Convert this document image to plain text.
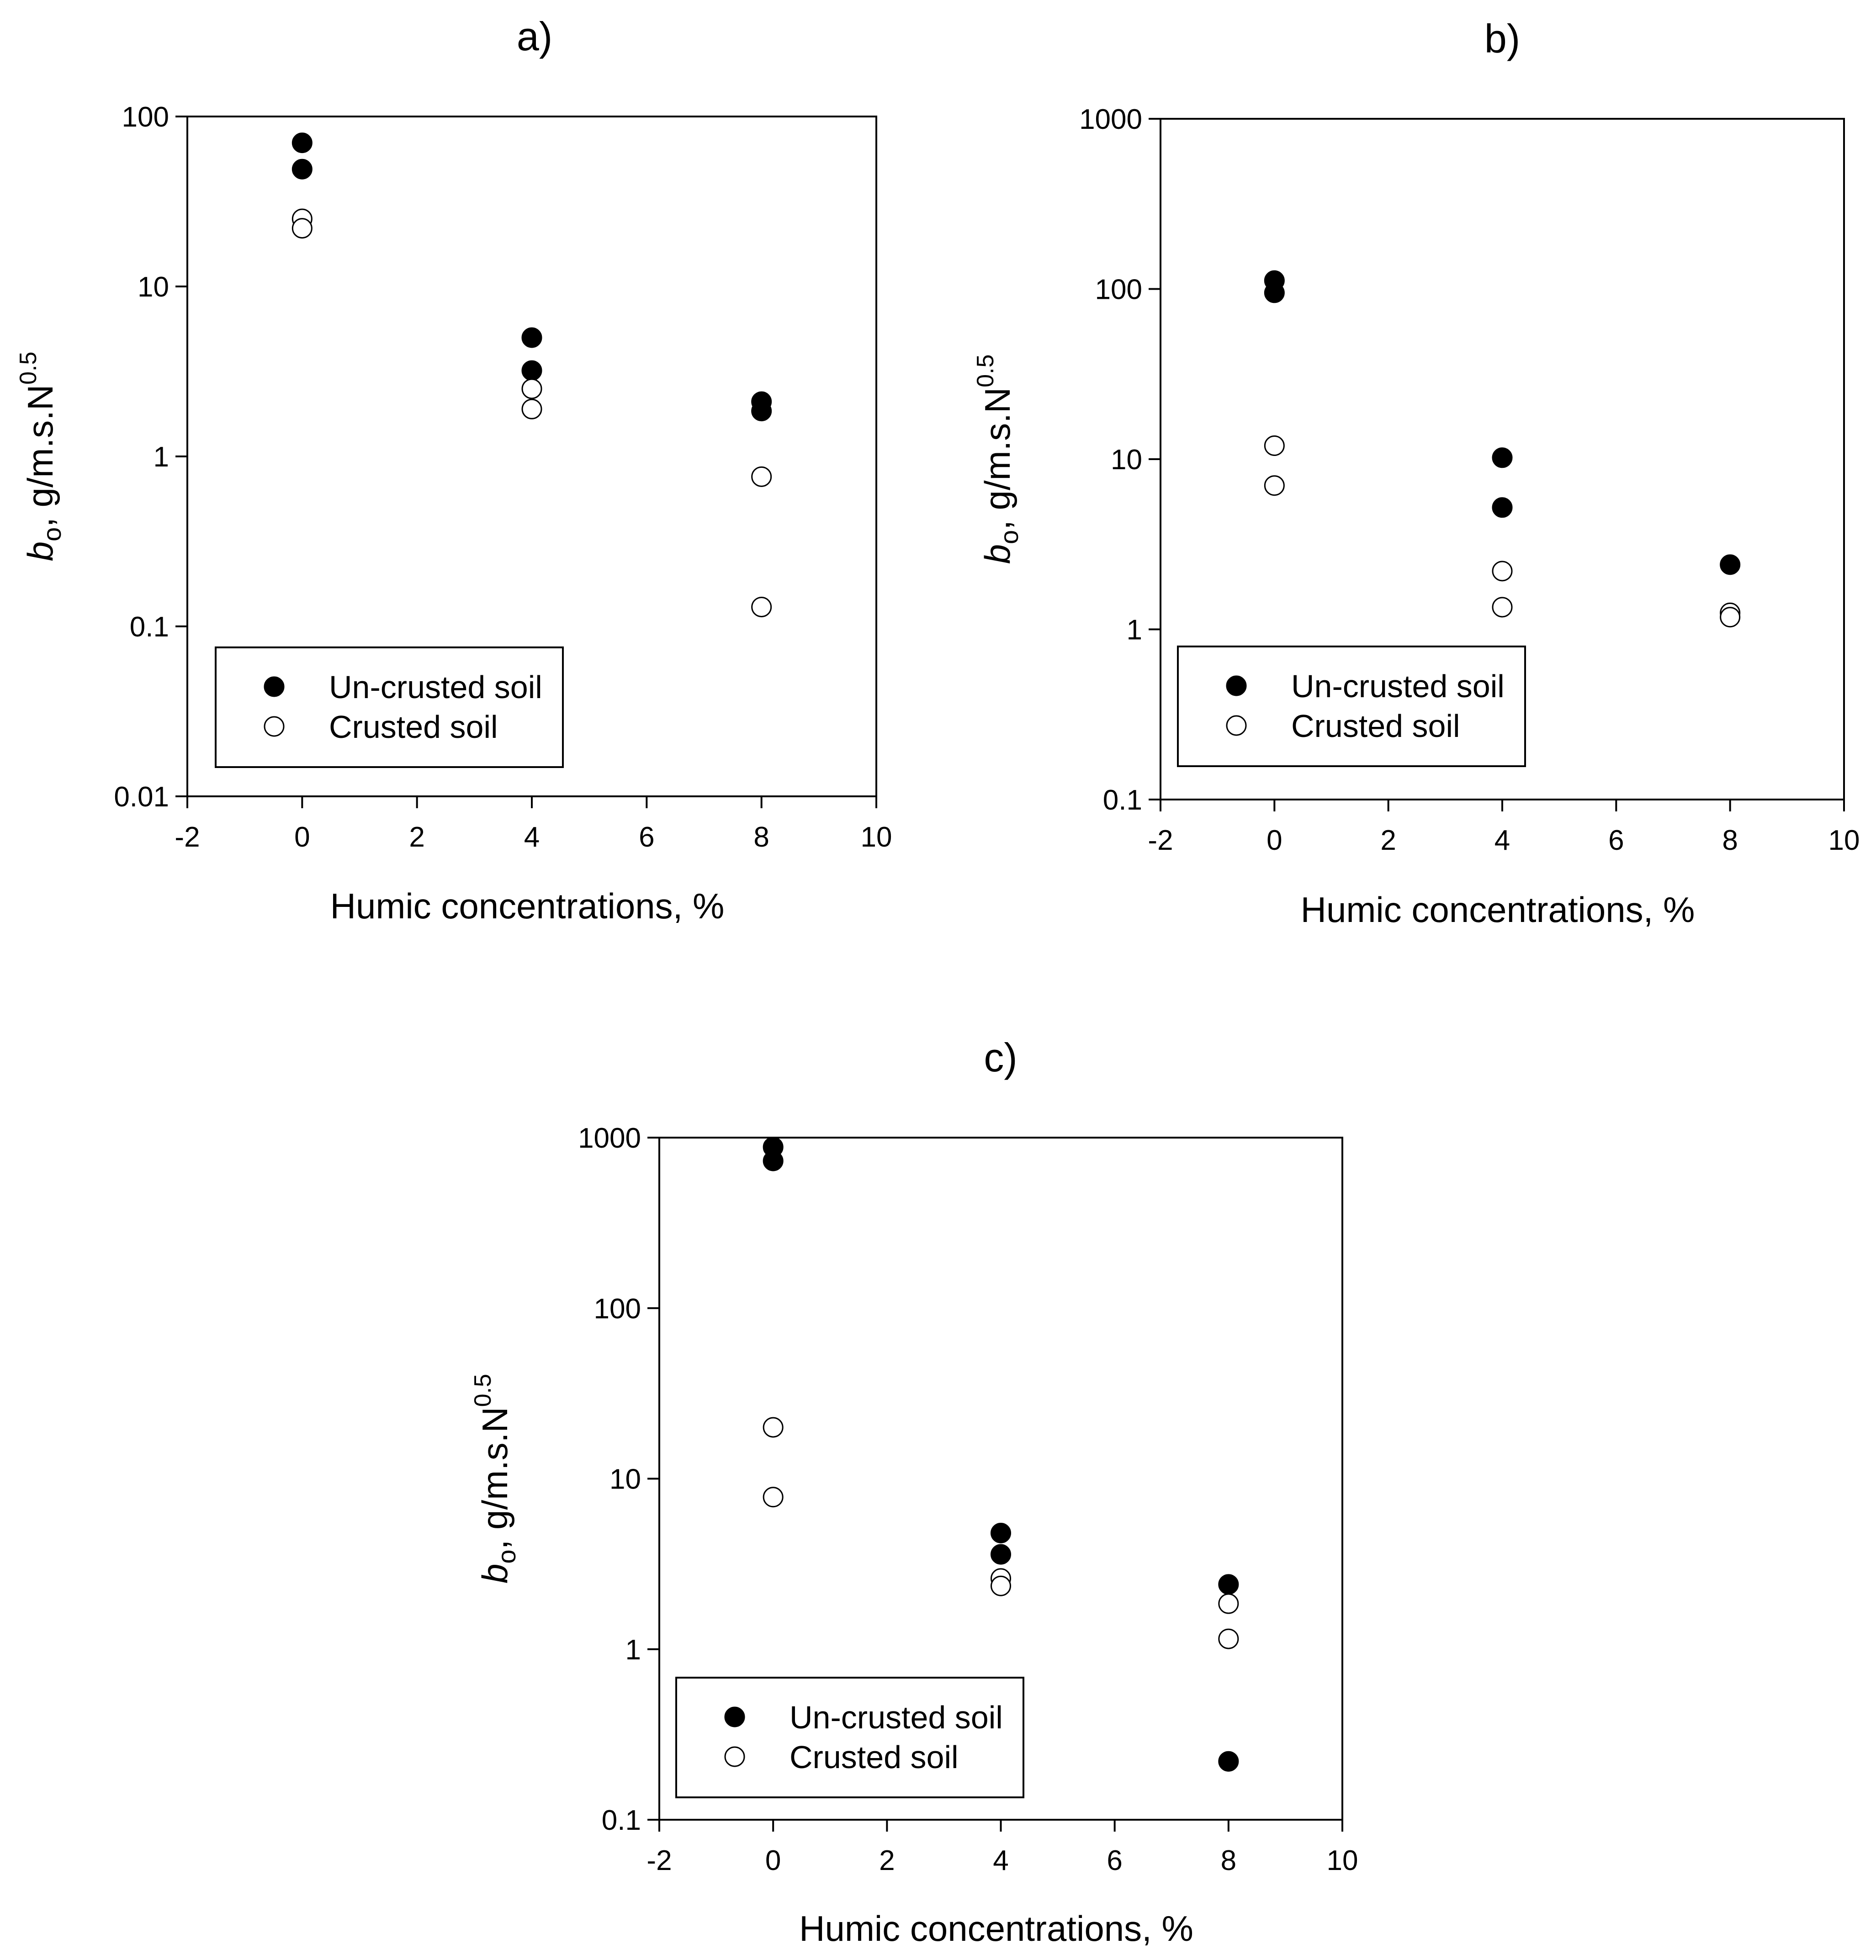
a)
-2	0	2	4	6	8	10
0.01
0.1
1
10
100
Humic concentrations, %
$b_o$, $g/m.s.N^{0.5}$
Un-crusted soil
Crusted soil
b)
-2	0	2	4	6	8	10
0.1
1
10
100
1000
Humic concentrations, %
$b_o$, $g/m.s.N^{0.5}$
Un-crusted soil
Crusted soil
c)
-2	0	2	4	6	8	10
0.1
1
10
100
1000
Humic concentrations, %
$b_o$, $g/m.s.N^{0.5}$
Un-crusted soil
Crusted soil
